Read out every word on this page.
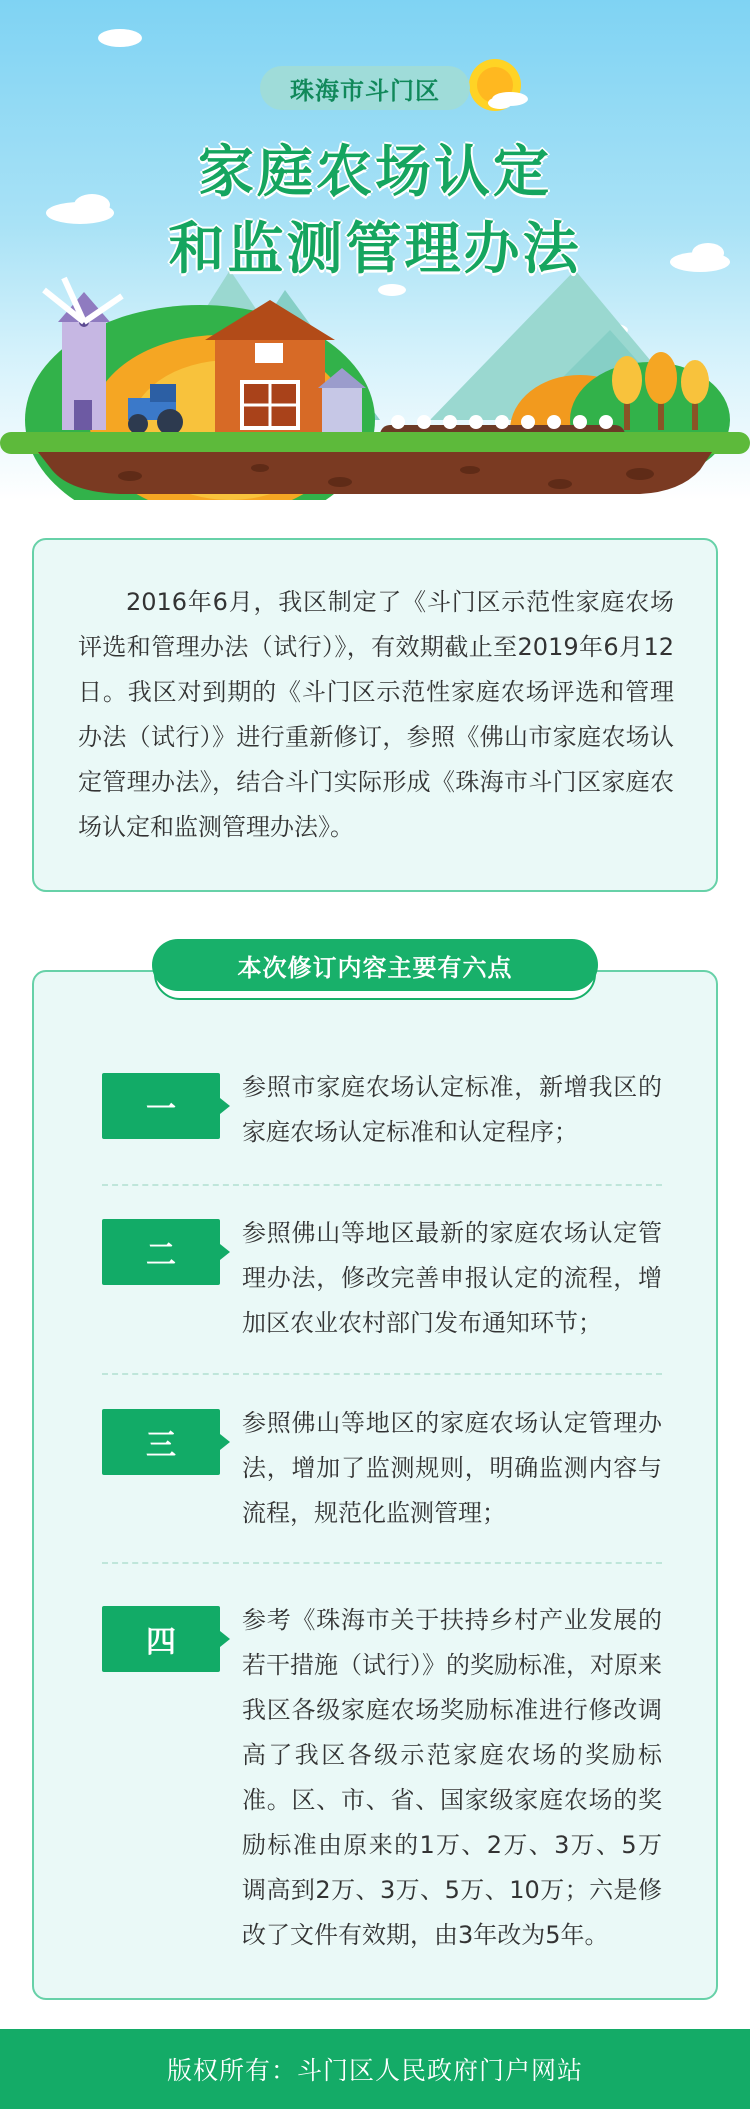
珠海市斗门区
家庭农场认定
和监测管理办法

2016年6月，我区制定了《斗门区示范性家庭农场评选和管理办法（试行）》，有效期截止至2019年6月12日。我区对到期的《斗门区示范性家庭农场评选和管理办法（试行）》进行重新修订，参照《佛山市家庭农场认定管理办法》，结合斗门实际形成《珠海市斗门区家庭农场认定和监测管理办法》。

本次修订内容主要有六点
一
参照市家庭农场认定标准，新增我区的家庭农场认定标准和认定程序；
二
参照佛山等地区最新的家庭农场认定管理办法，修改完善申报认定的流程，增加区农业农村部门发布通知环节；
三
参照佛山等地区的家庭农场认定管理办法，增加了监测规则，明确监测内容与流程，规范化监测管理；
四
参考《珠海市关于扶持乡村产业发展的若干措施（试行）》的奖励标准，对原来我区各级家庭农场奖励标准进行修改调高了我区各级示范家庭农场的奖励标准。区、市、省、国家级家庭农场的奖励标准由原来的1万、2万、3万、5万调高到2万、3万、5万、10万；六是修改了文件有效期，由3年改为5年。
版权所有：斗门区人民政府门户网站
